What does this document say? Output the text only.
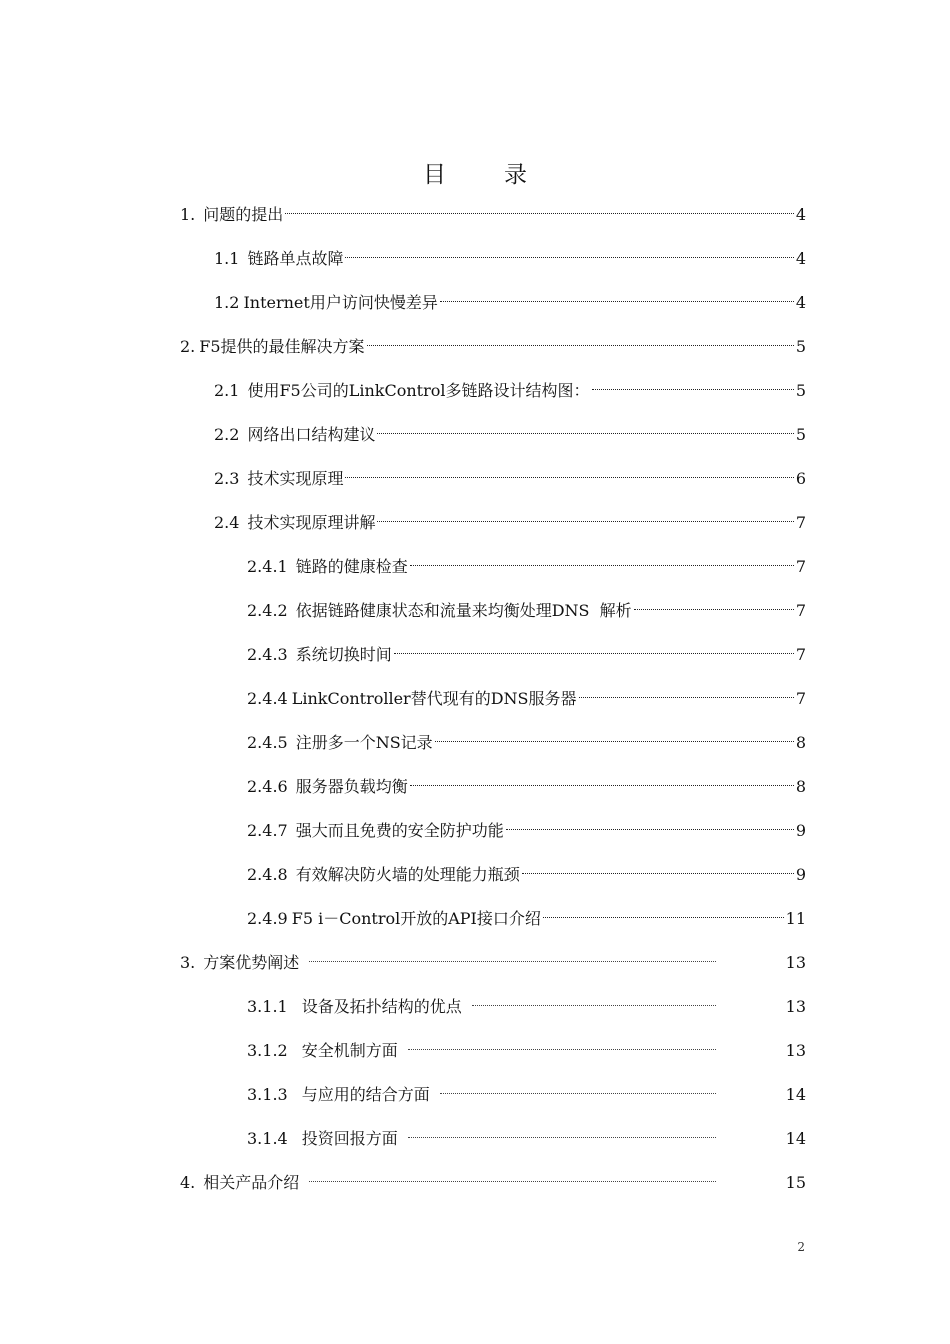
目	录
1. 问题的提出	4
1.1 链路单点故障	4
1.2 Internet用户访问快慢差异	4
2. F5提供的最佳解决方案	5
2.1 使用F5公司的LinkControl多链路设计结构图：	5
2.2 网络出口结构建议	5
2.3 技术实现原理	6
2.4 技术实现原理讲解	7
2.4.1 链路的健康检查	7
2.4.2 依据链路健康状态和流量来均衡处理DNS  解析	7
2.4.3 系统切换时间	7
2.4.4 LinkController替代现有的DNS服务器	7
2.4.5 注册多一个NS记录	8
2.4.6 服务器负载均衡	8
2.4.7 强大而且免费的安全防护功能	9
2.4.8 有效解决防火墙的处理能力瓶颈	9
2.4.9 F5 i－Control开放的API接口介绍	11
3. 方案优势阐述	13
3.1.1 设备及拓扑结构的优点	13
3.1.2 安全机制方面	13
3.1.3 与应用的结合方面	14
3.1.4 投资回报方面	14
4. 相关产品介绍	15
2
